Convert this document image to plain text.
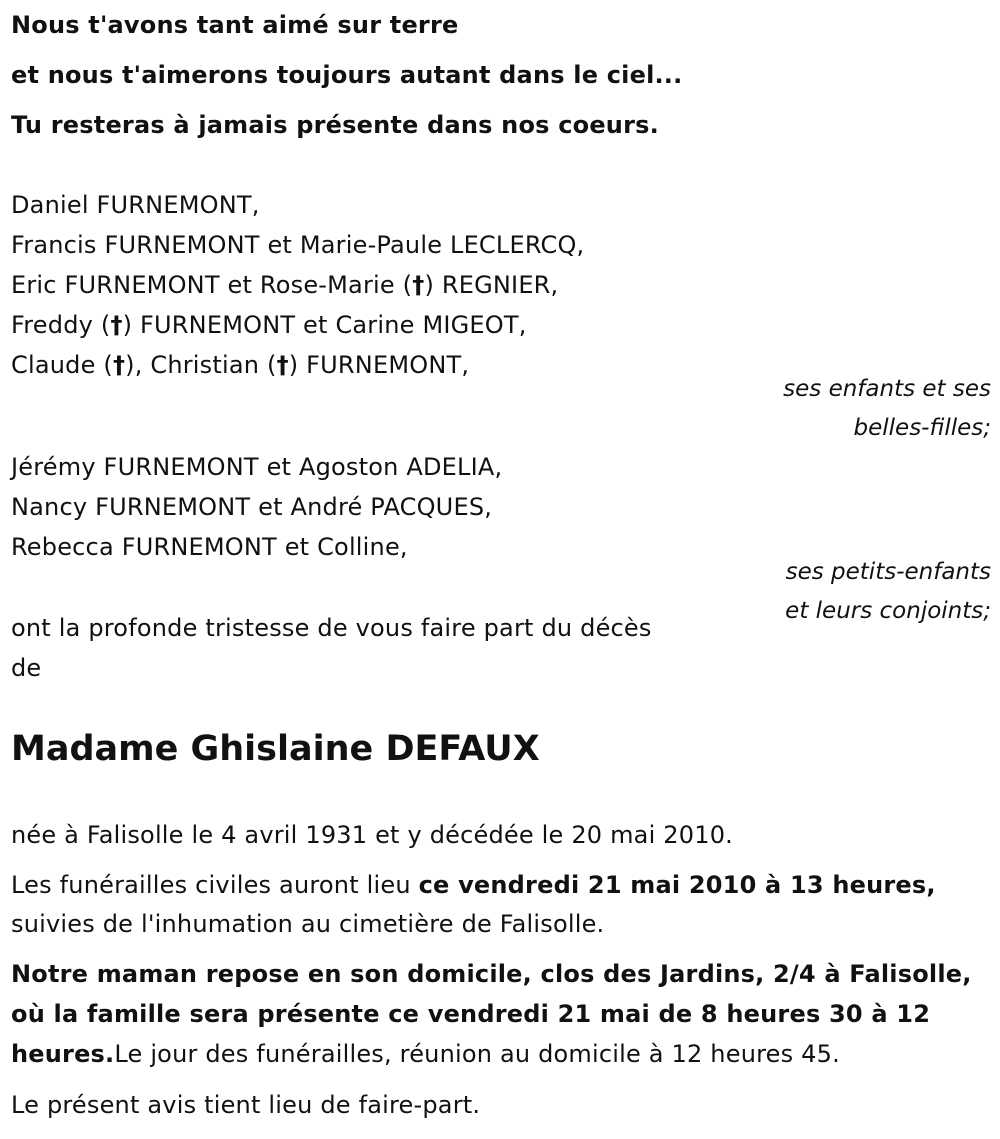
Nous t'avons tant aimé sur terre
et nous t'aimerons toujours autant dans le ciel...
Tu resteras à jamais présente dans nos coeurs.
Daniel FURNEMONT,
Francis FURNEMONT et Marie-Paule LECLERCQ,
Eric FURNEMONT et Rose-Marie (†) REGNIER,
Freddy (†) FURNEMONT et Carine MIGEOT,
Claude (†), Christian (†) FURNEMONT,
ses enfants et ses
belles-filles;
Jérémy FURNEMONT et Agoston ADELIA,
Nancy FURNEMONT et André PACQUES,
Rebecca FURNEMONT et Colline,
ses petits-enfants
et leurs conjoints;
ont la profonde tristesse de vous faire part du décès
de
Madame Ghislaine DEFAUX
née à Falisolle le 4 avril 1931 et y décédée le 20 mai 2010.
Les funérailles civiles auront lieu ce vendredi 21 mai 2010 à 13 heures,
suivies de l'inhumation au cimetière de Falisolle.
Notre maman repose en son domicile, clos des Jardins, 2/4 à Falisolle,
où la famille sera présente ce vendredi 21 mai de 8 heures 30 à 12
heures.Le jour des funérailles, réunion au domicile à 12 heures 45.
Le présent avis tient lieu de faire-part.
